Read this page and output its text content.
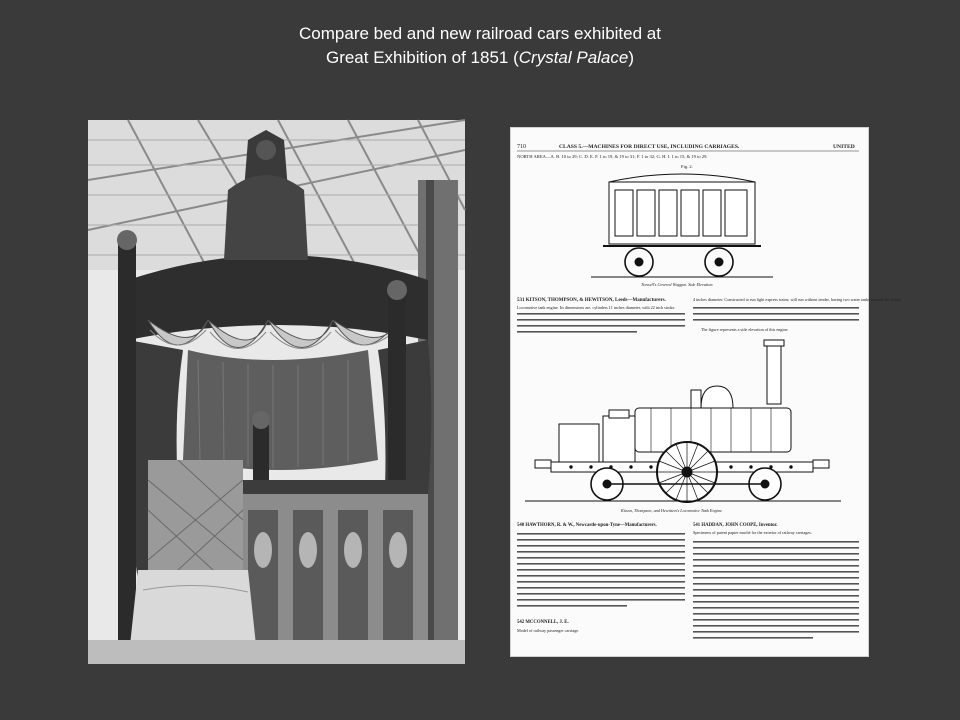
Compare bed and new railroad cars exhibited at
Great Exhibition of 1851 (Crystal Palace)
710	CLASS 5.—MACHINES FOR DIRECT USE, INCLUDING CARRIAGES.	UNITED
NORTH AREA—A. B. 10 to 29; C. D. E. F. 1 to 19, & 19 to 31; F. 1 to 32; G. H. I. 1 to 15, & 19 to 29.
Fig. 2.
Tressell's Covered Waggon. Side Elevation.
531 KITSON, THOMPSON, & HEWITSON, Leeds—Manufacturers.
Locomotive tank engine. Its dimensions are, cylinders 11 inches diameter, with 22 inch stroke.
4 inches diameter. Constructed to run light express trains; will run without tender, having two water tanks beneath the boiler.
The figure represents a side elevation of this engine.
Kitson, Thompson, and Hewitson's Locomotive Tank Engine.
540 HAWTHORN, R. & W., Newcastle-upon-Tyne—Manufacturers.
542 MCCONNELL, J. E.
Model of railway passenger carriage.
541 HADDAN, JOHN COOPE, Inventor.
Specimens of patent papier maché for the exterior of railway carriages.
